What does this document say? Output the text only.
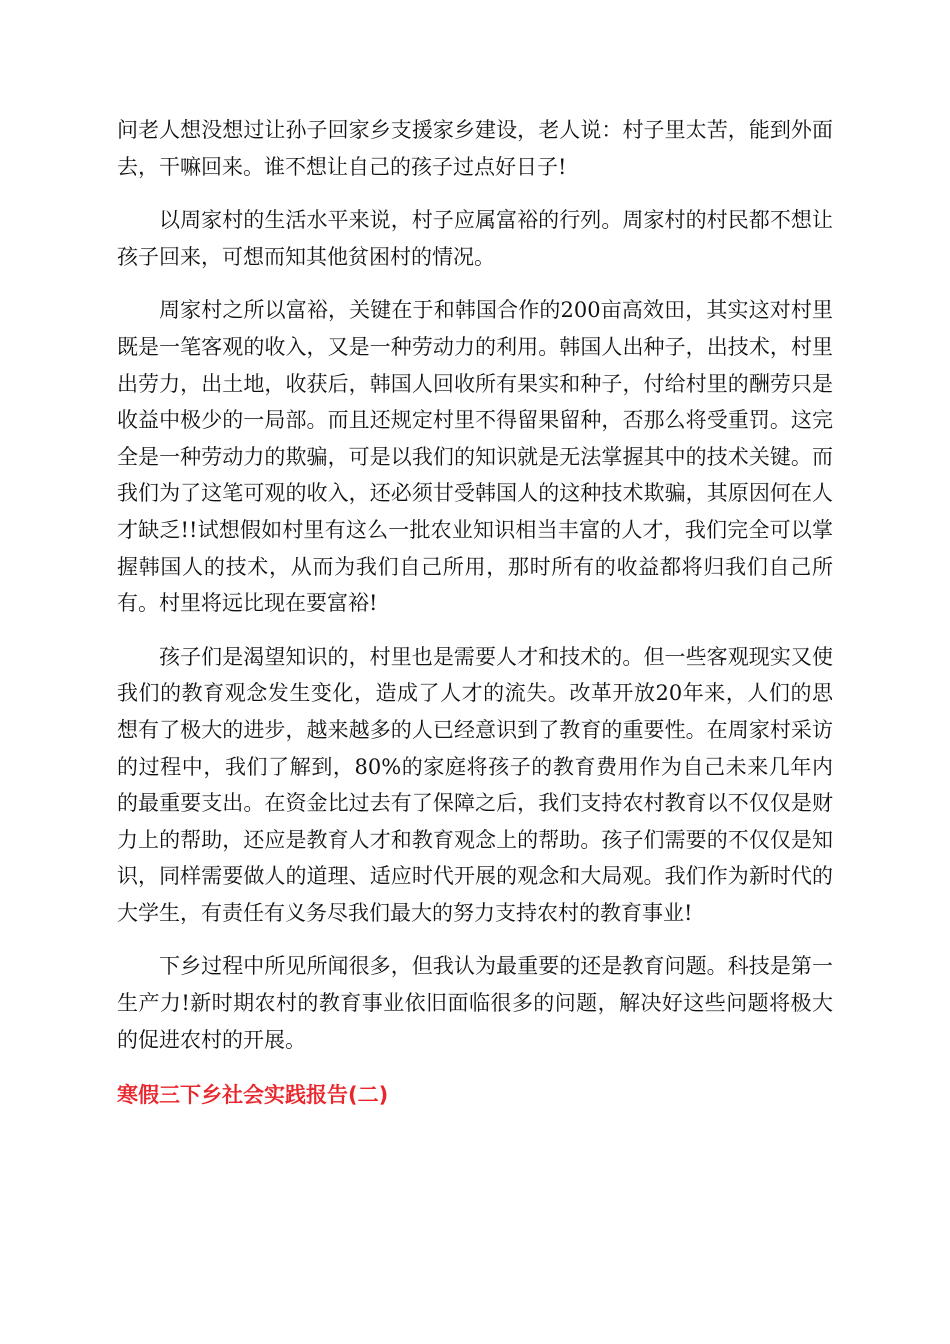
问老人想没想过让孙子回家乡支援家乡建设，老人说：村子里太苦，能到外面去，干嘛回来。谁不想让自己的孩子过点好日子!

以周家村的生活水平来说，村子应属富裕的行列。周家村的村民都不想让孩子回来，可想而知其他贫困村的情况。

周家村之所以富裕，关键在于和韩国合作的200亩高效田，其实这对村里既是一笔客观的收入，又是一种劳动力的利用。韩国人出种子，出技术，村里出劳力，出土地，收获后，韩国人回收所有果实和种子，付给村里的酬劳只是收益中极少的一局部。而且还规定村里不得留果留种，否那么将受重罚。这完全是一种劳动力的欺骗，可是以我们的知识就是无法掌握其中的技术关键。而我们为了这笔可观的收入，还必须甘受韩国人的这种技术欺骗，其原因何在人才缺乏!!试想假如村里有这么一批农业知识相当丰富的人才，我们完全可以掌握韩国人的技术，从而为我们自己所用，那时所有的收益都将归我们自己所有。村里将远比现在要富裕!

孩子们是渴望知识的，村里也是需要人才和技术的。但一些客观现实又使我们的教育观念发生变化，造成了人才的流失。改革开放20年来，人们的思想有了极大的进步，越来越多的人已经意识到了教育的重要性。在周家村采访的过程中，我们了解到，80%的家庭将孩子的教育费用作为自己未来几年内的最重要支出。在资金比过去有了保障之后，我们支持农村教育以不仅仅是财力上的帮助，还应是教育人才和教育观念上的帮助。孩子们需要的不仅仅是知识，同样需要做人的道理、适应时代开展的观念和大局观。我们作为新时代的大学生，有责任有义务尽我们最大的努力支持农村的教育事业!

下乡过程中所见所闻很多，但我认为最重要的还是教育问题。科技是第一生产力!新时期农村的教育事业依旧面临很多的问题，解决好这些问题将极大的促进农村的开展。

寒假三下乡社会实践报告(二)
